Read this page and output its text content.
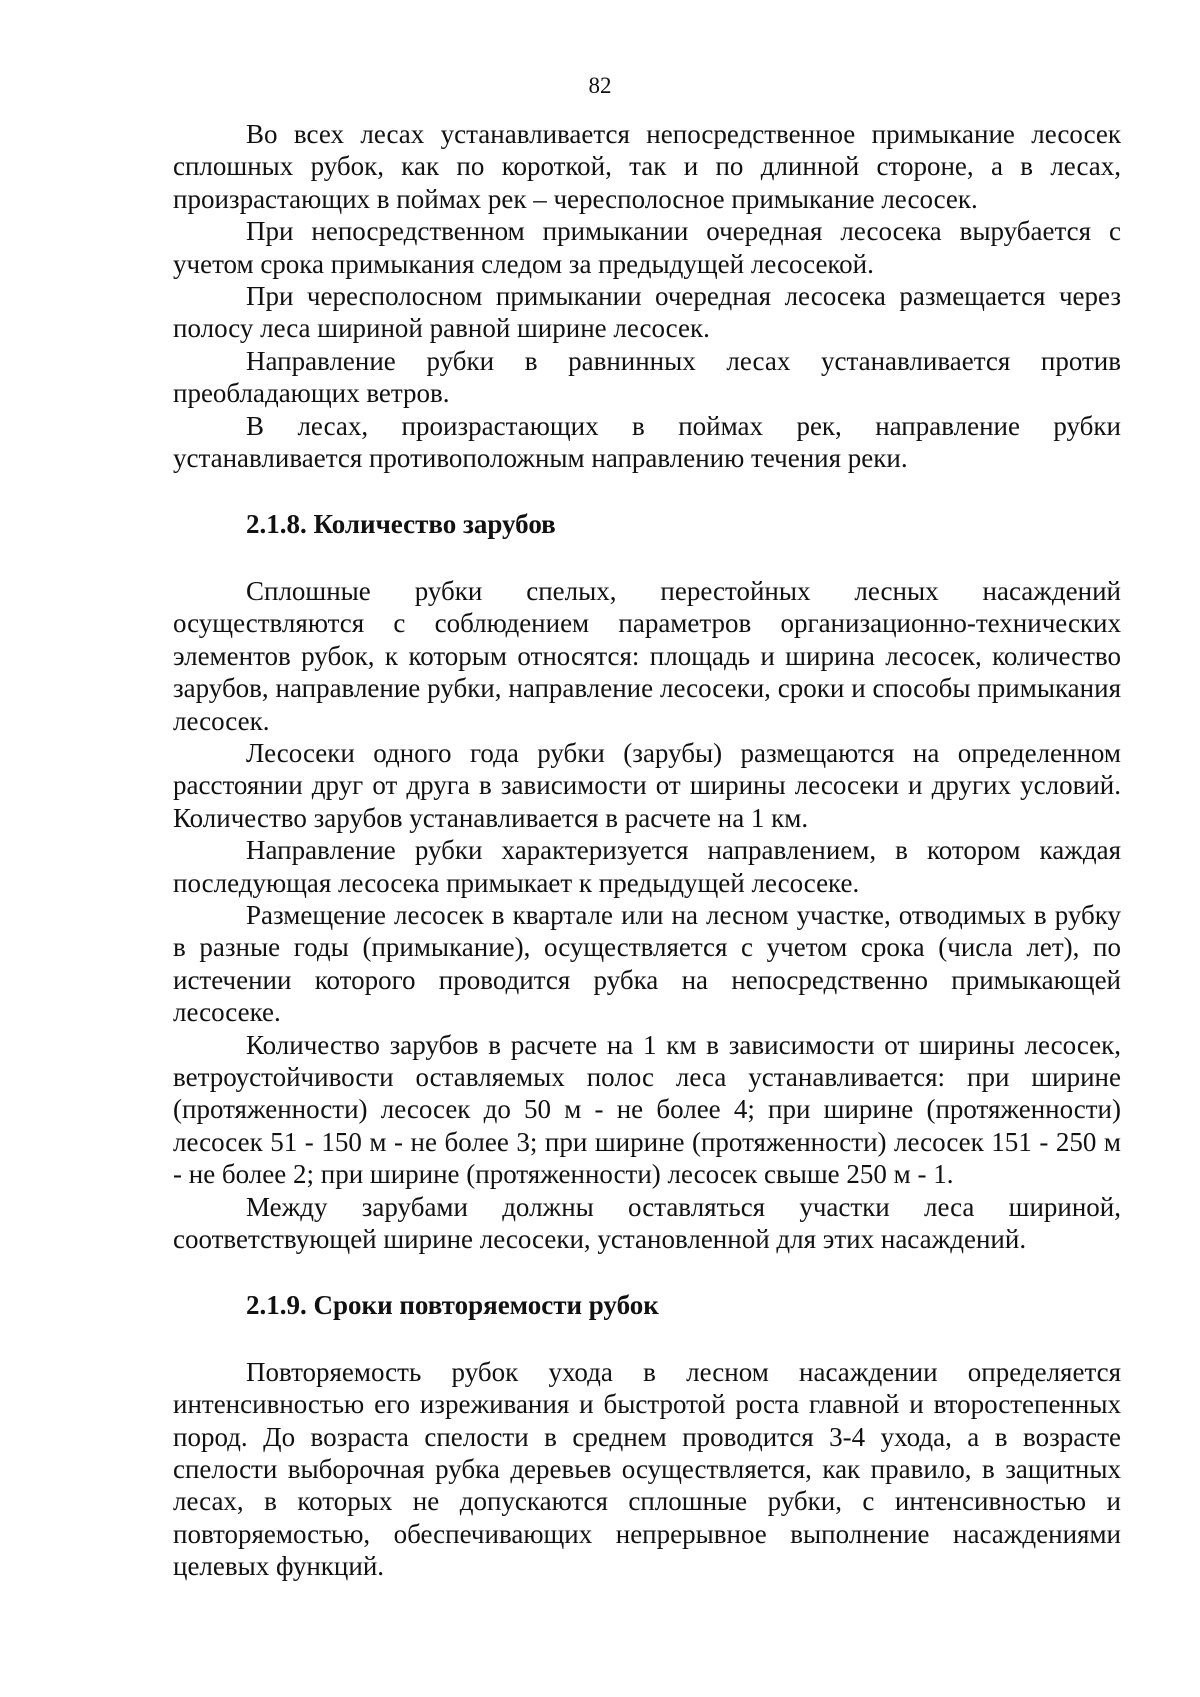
82

Во всех лесах устанавливается непосредственное примыкание лесосек сплошных рубок, как по короткой, так и по длинной стороне, а в лесах, произрастающих в поймах рек – чересполосное примыкание лесосек.

При непосредственном примыкании очередная лесосека вырубается с учетом срока примыкания следом за предыдущей лесосекой.

При чересполосном примыкании очередная лесосека размещается через полосу леса шириной равной ширине лесосек.

Направление рубки в равнинных лесах устанавливается против преобладающих ветров.

В лесах, произрастающих в поймах рек, направление рубки устанавливается противоположным направлению течения реки.

2.1.8. Количество зарубов

Сплошные рубки спелых, перестойных лесных насаждений осуществляются с соблюдением параметров организационно-технических элементов рубок, к которым относятся: площадь и ширина лесосек, количество зарубов, направление рубки, направление лесосеки, сроки и способы примыкания лесосек.

Лесосеки одного года рубки (зарубы) размещаются на определенном расстоянии друг от друга в зависимости от ширины лесосеки и других условий. Количество зарубов устанавливается в расчете на 1 км.

Направление рубки характеризуется направлением, в котором каждая последующая лесосека примыкает к предыдущей лесосеке.

Размещение лесосек в квартале или на лесном участке, отводимых в рубку в разные годы (примыкание), осуществляется с учетом срока (числа лет), по истечении которого проводится рубка на непосредственно примыкающей лесосеке.

Количество зарубов в расчете на 1 км в зависимости от ширины лесосек, ветроустойчивости оставляемых полос леса устанавливается: при ширине (протяженности) лесосек до 50 м - не более 4; при ширине (протяженности) лесосек 51 - 150 м - не более 3; при ширине (протяженности) лесосек 151 - 250 м - не более 2; при ширине (протяженности) лесосек свыше 250 м - 1.

Между зарубами должны оставляться участки леса шириной, соответствующей ширине лесосеки, установленной для этих насаждений.

2.1.9. Сроки повторяемости рубок

Повторяемость рубок ухода в лесном насаждении определяется интенсивностью его изреживания и быстротой роста главной и второстепенных пород. До возраста спелости в среднем проводится 3-4 ухода, а в возрасте спелости выборочная рубка деревьев осуществляется, как правило, в защитных лесах, в которых не допускаются сплошные рубки, с интенсивностью и повторяемостью, обеспечивающих непрерывное выполнение насаждениями целевых функций.
